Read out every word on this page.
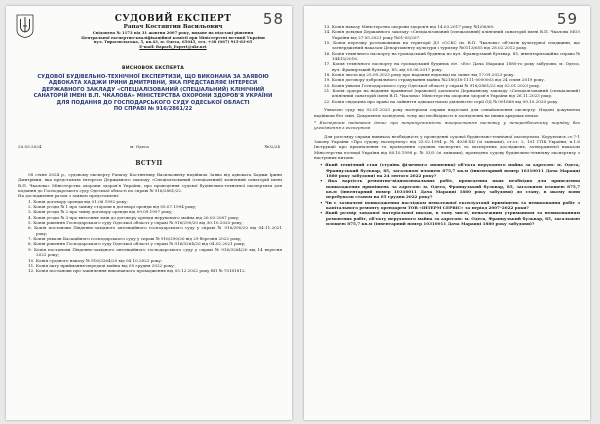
58
СУДОВИЙ ЕКСПЕРТ
Рапач Костянтин Васильович
Свідоцтво № 1173 від 31 жовтня 2007 року, видане на підставі рішення
Центральної експертно-кваліфікаційної комісії при Міністерстві юстиції України
вул. Тираспольська, 5, кв.43, м. Одеса, 65045, тел. +38 (067) 915-83-05
E-mail: Rapach_Expert@ukr.net
ВИСНОВОК ЕКСПЕРТА
СУДОВОЇ БУДІВЕЛЬНО-ТЕХНІЧНОЇ ЕКСПЕРТИЗИ, ЩО ВИКОНАНА ЗА ЗАЯВОЮ
АДВОКАТА ХАДЖИ ІРИНИ ДМИТРІВНИ, ЯКА ПРЕДСТАВЛЯЄ ІНТЕРЕСИ
ДЕРЖАВНОГО ЗАКЛАДУ «СПЕЦІАЛІЗОВАНИЙ (СПЕЦІАЛЬНИЙ) КЛІНІЧНИЙ
САНАТОРІЙ ІМЕНІ В.П. ЧКАЛОВА» МІНІСТЕРСТВА ОХОРОНИ ЗДОРОВ'Я УКРАЇНИ
ДЛЯ ПОДАННЯ ДО ГОСПОДАРСЬКОГО СУДУ ОДЕСЬКОЇ ОБЛАСТІ
ПО СПРАВІ № 916/2861/22
20.03.2024	м. Одеса	№02/24
ВСТУП

08 січня 2024 р., судовому експерту Рапачу Костянтину Васильовичу надійшла Заява від адвоката Хаджи Ірини Дмитрівни, яка представляє інтереси Державного закладу «Спеціалізований (спеціальний) клінічний санаторій імені В.П. Чкалова» Міністерства охорони здоров'я України, про проведення судової будівельно-технічної експертизи для подання до Господарського суду Одеської області по справі № 916/2861/22.

На дослідження разом з заявою представлені:

1. Копія договору оренди від 01.06.1992 року;

2. Копія угоди № 1 про заміну сторони в договорі оренди від 05.07.1994 року;

3. Копія угоди № 2 про зміну договору оренди від 09.09.1997 року;

4. Копія угоди № 3 про внесення змін до договору оренди нерухомого майна від 26.03.2007 року;

5. Копія рішення Господарського суду Одеської області у справі № 916/290/20 від 30.10.2020 року;

6. Копія постанови Південно-західного апеляційного господарського суду у справі № 916/290/20 від 04.11.2021 року;

7. Копія ухвали Касаційного господарського суду у справі № 916/290/20 від 29 березня 2022 року;

8. Копія рішення Господарського суду Одеської області у справі № 916/3264/20 від 04.02.2021 року;

9. Копія постанови Південно-західного апеляційного господарського суду у справі № 916/3264/20 від 14 вересня 2022 року;

10. Копія судового наказу № 916/3264/20 від 04.10.2022 року;

11. Копія акту приймання-передачі майна від 05 грудня 2022 року;

12. Копія постанови про закінчення виконавчого провадження від 05.12.2022 року ВП № 70181812.

59

13. Копія наказу Міністерства охорони здоров'я від 14.03.2017 року №1/06/60.

14. Копія довідки Державного закладу «Спеціалізований (спеціальний) клінічний санаторій імені В.П. Чкалова МОЗ України від 27.05.2021 року №01-05/207.

15. Копія переліку розташованих на території ДЗ «ССКС ім. В.П. Чкалова» об'єктів культурної спадщини, що затверджений наказом Департаменту культури і туризму №0113/655 від 28.02.2012 року.

16. Копія технічного паспорту на громадський будинок по вул. Французький бульвар, 85, інвентаризаційна справа № 14415/2016.

17. Копія технічного паспорту на громадський будинок літ. «Ел» Дача Марацці 1880-го року забудови, м. Одеса, вул. Французький бульвар, 85, від 05.06.2017 року.

18. Копія листа від 25.09.2023 року про надання відповіді на запит від 17.09.2023 року.

19. Копія договору добровільного страхування майна №2180/16-1111-0000003 від 24 січня 2019 року.

20. Копія ухвали Господарського суду Одеської області у справі № 916/2861/22 від 02.01.2023 року.

21. Копія ордера на надання правничої (правової) допомоги Державному закладу «Спеціалізований (спеціальний) клінічний санаторій імені В.П. Чкалова» Міністерства охорони здоров'я України від 26.11.2023 року.

22. Копія свідоцтва про право на зайняття адвокатською діяльністю серії ОД № 001668 від 09.10.2020 року.

Ухвалою суду від 02.01.2023 року матеріали справи надіслані для ознайомлення експерту. Надані документи надійшли без змін. Документи засвідчені, тому що необхідності в засвідченні на інших аркушах немає.

* Експертом надавався допис про неприпустимість використання висновку у непередбаченому порядку без узгодження з експертом

Для розгляду справи виникла необхідність у проведенні судової будівельно-технічної експертизи. Керуючись ст.7-1 Закону України «Про судову експертизу» від 25.02.1994 р. № 4038-ХІІ (зі змінами), ст.ст. 2, 101 ГПК України, п.1.6 Інструкції про призначення та проведення судових експертиз та експертних досліджень, затвердженої наказом Міністерства юстиції України від 08.10.1998 р. № 53/5 (зі змінами), проведено судову будівельно-технічну експертизу з наступних питань:

• Який технічний стан (ступінь фізичного зношення) об'єкта нерухомого майна за адресою: м. Одеса, Французький бульвар, 85, загальною площею 875,7 кв.м (інвентарний номер 10310011 Дача Марацці 1880 року забудови) на 24 лютого 2022 року?

• Яка вартість ремонтно-відновлювальних робіт, проведення яких необхідно для приведення пошкоджених приміщень за адресою: м. Одеса, Французький бульвар, 85, загальною площею 875,7 кв.м (інвентарний номер 10310011 Дача Марацці 1880 року забудови) до стану, в якому вони перебували станом на 05 грудня 2022 року?

• Чи є зазначені пошкодження наслідком неналежної експлуатації приміщень та невиконання робіт з капітального ремонту орендарем ТОВ «ІНТЕРМ СЕРВІС» за період 2007–2022 роки?

• Який розмір завданої матеріальної шкоди, в тому числі, неналежним утриманням та невиконанням ремонтних робіт, об'єкту нерухомого майна за адресою: м. Одеса, Французький бульвар, 85, загальною площею 875,7 кв.м (інвентарний номер 10310011 Дача Марацці 1880 року забудови)?
